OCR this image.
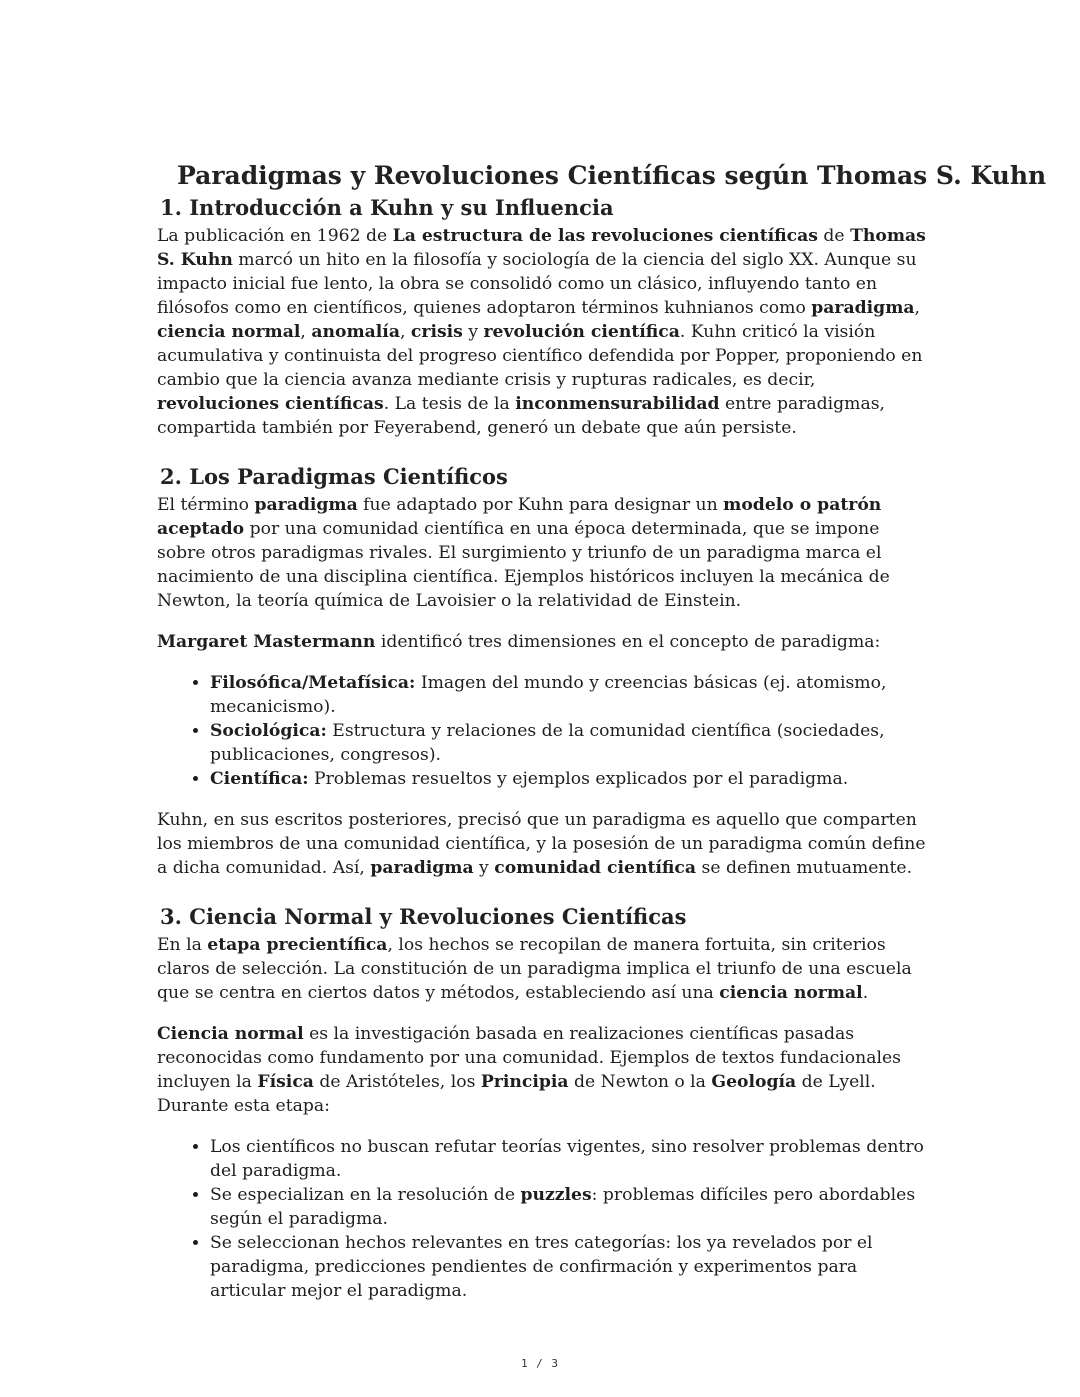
Paradigmas y Revoluciones Científicas según Thomas S. Kuhn
1. Introducción a Kuhn y su Influencia

La publicación en 1962 de La estructura de las revoluciones científicas de Thomas S. Kuhn marcó un hito en la filosofía y sociología de la ciencia del siglo XX. Aunque su impacto inicial fue lento, la obra se consolidó como un clásico, influyendo tanto en filósofos como en científicos, quienes adoptaron términos kuhnianos como paradigma, ciencia normal, anomalía, crisis y revolución científica. Kuhn criticó la visión acumulativa y continuista del progreso científico defendida por Popper, proponiendo en cambio que la ciencia avanza mediante crisis y rupturas radicales, es decir, revoluciones científicas. La tesis de la inconmensurabilidad entre paradigmas, compartida también por Feyerabend, generó un debate que aún persiste.

2. Los Paradigmas Científicos

El término paradigma fue adaptado por Kuhn para designar un modelo o patrón aceptado por una comunidad científica en una época determinada, que se impone sobre otros paradigmas rivales. El surgimiento y triunfo de un paradigma marca el nacimiento de una disciplina científica. Ejemplos históricos incluyen la mecánica de Newton, la teoría química de Lavoisier o la relatividad de Einstein.

Margaret Mastermann identificó tres dimensiones en el concepto de paradigma:

• Filosófica/Metafísica: Imagen del mundo y creencias básicas (ej. atomismo, mecanicismo).
• Sociológica: Estructura y relaciones de la comunidad científica (sociedades, publicaciones, congresos).
• Científica: Problemas resueltos y ejemplos explicados por el paradigma.

Kuhn, en sus escritos posteriores, precisó que un paradigma es aquello que comparten los miembros de una comunidad científica, y la posesión de un paradigma común define a dicha comunidad. Así, paradigma y comunidad científica se definen mutuamente.

3. Ciencia Normal y Revoluciones Científicas

En la etapa precientífica, los hechos se recopilan de manera fortuita, sin criterios claros de selección. La constitución de un paradigma implica el triunfo de una escuela que se centra en ciertos datos y métodos, estableciendo así una ciencia normal.

Ciencia normal es la investigación basada en realizaciones científicas pasadas reconocidas como fundamento por una comunidad. Ejemplos de textos fundacionales incluyen la Física de Aristóteles, los Principia de Newton o la Geología de Lyell. Durante esta etapa:

• Los científicos no buscan refutar teorías vigentes, sino resolver problemas dentro del paradigma.
• Se especializan en la resolución de puzzles: problemas difíciles pero abordables según el paradigma.
• Se seleccionan hechos relevantes en tres categorías: los ya revelados por el paradigma, predicciones pendientes de confirmación y experimentos para articular mejor el paradigma.
1 / 3
